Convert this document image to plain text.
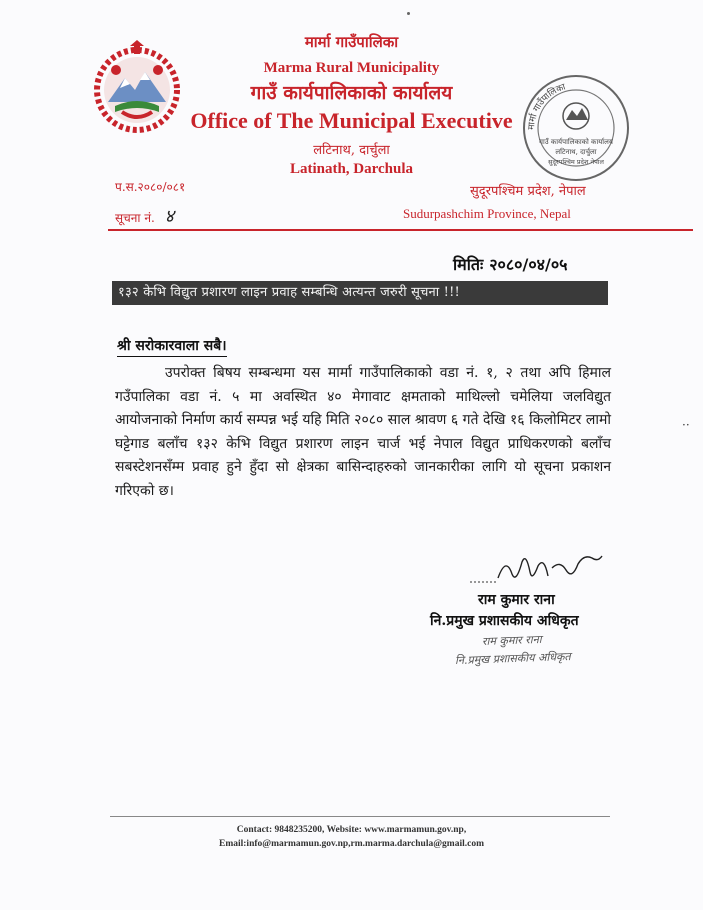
मार्मा गाउँपालिका
Marma Rural Municipality
गाउँ कार्यपालिकाको कार्यालय
Office of The Municipal Executive
लटिनाथ, दार्चुला
Latinath, Darchula
मार्मा गाउँपालिका
गाउँ कार्यपालिकाको कार्यालय
लटिनाथ, दार्चुला
सुदूरपश्चिम प्रदेश नेपाल
प.स.२०८०/०८१
सूचना नं. ४
सुदूरपश्चिम प्रदेश, नेपाल
Sudurpashchim Province, Nepal
मितिः २०८०/०४/०५
१३२ केभि विद्युत प्रशारण लाइन प्रवाह सम्बन्धि अत्यन्त जरुरी सूचना !!!
श्री सरोकारवाला सबै।
उपरोक्त बिषय सम्बन्धमा यस मार्मा गाउँपालिकाको वडा नं. १, २ तथा अपि हिमाल गउँपालिका वडा नं. ५ मा अवस्थित ४० मेगावाट क्षमताको माथिल्लो चमेलिया जलविद्युत आयोजनाको निर्माण कार्य सम्पन्न भई यहि मिति २०८० साल श्रावण ६ गते देखि १६ किलोमिटर लामो घट्टेगाड बलाँच १३२ केभि विद्युत प्रशारण लाइन चार्ज भई नेपाल विद्युत प्राधिकरणको बलाँच सबस्टेशनसँम्म प्रवाह हुने हुँदा सो क्षेत्रका बासिन्दाहरुको जानकारीका लागि यो सूचना प्रकाशन गरिएको छ।
राम कुमार राना
नि.प्रमुख प्रशासकीय अधिकृत
राम कुमार राना
नि.प्रमुख प्रशासकीय अधिकृत
··
Contact: 9848235200, Website: www.marmamun.gov.np,
Email:info@marmamun.gov.np,rm.marma.darchula@gmail.com
